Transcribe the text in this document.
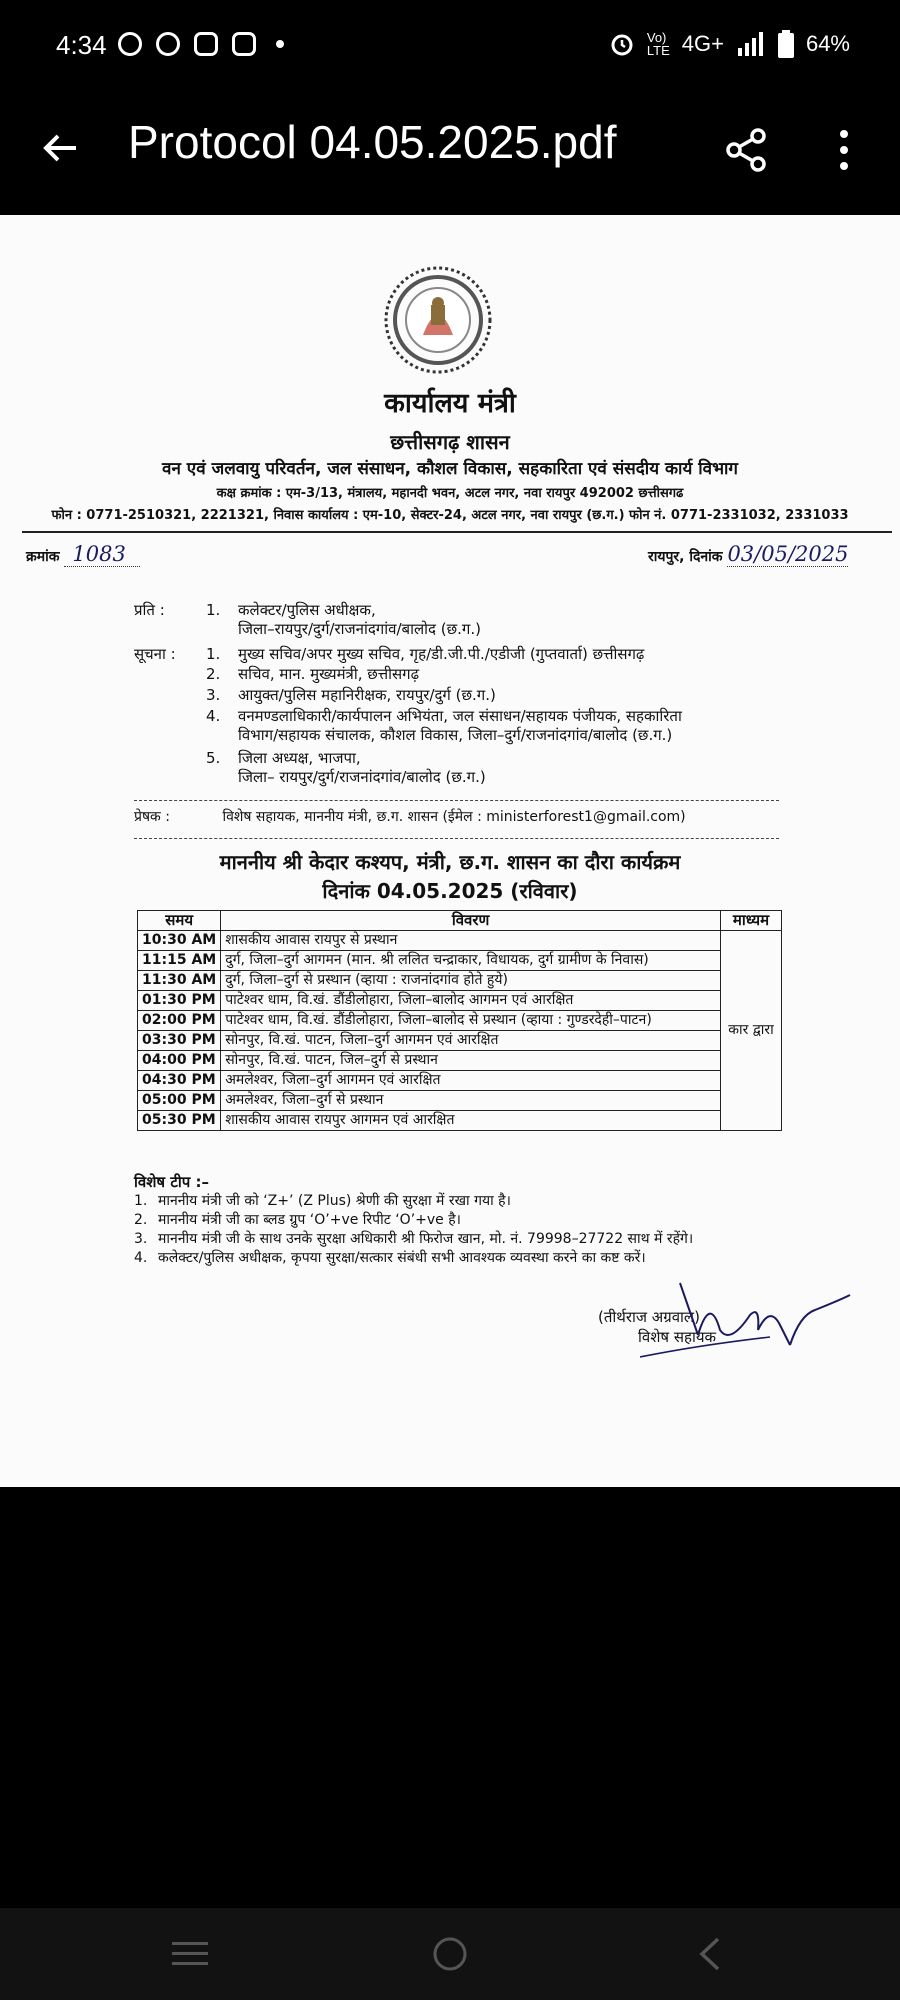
4:34	Vo)
LTE 4G+	64%
Protocol 04.05.2025.pdf
कार्यालय मंत्री
छत्तीसगढ़ शासन
वन एवं जलवायु परिवर्तन, जल संसाधन, कौशल विकास, सहकारिता एवं संसदीय कार्य विभाग
कक्ष क्रमांक : एम-3/13, मंत्रालय, महानदी भवन, अटल नगर, नवा रायपुर 492002 छत्तीसगढ
फोन : 0771-2510321, 2221321, निवास कार्यालय : एम-10, सेक्टर-24, अटल नगर, नवा रायपुर (छ.ग.) फोन नं. 0771-2331032, 2331033
क्रमांक 1083	रायपुर, दिनांक 03/05/2025
प्रति :	1. कलेक्टर/पुलिस अधीक्षक,
जिला–रायपुर/दुर्ग/राजनांदगांव/बालोद (छ.ग.)
सूचना : 1. मुख्य सचिव/अपर मुख्य सचिव, गृह/डी.जी.पी./एडीजी (गुप्तवार्ता) छत्तीसगढ़
2. सचिव, मान. मुख्यमंत्री, छत्तीसगढ़
3. आयुक्त/पुलिस महानिरीक्षक, रायपुर/दुर्ग (छ.ग.)
4. वनमण्डलाधिकारी/कार्यपालन अभियंता, जल संसाधन/सहायक पंजीयक, सहकारिता
विभाग/सहायक संचालक, कौशल विकास, जिला–दुर्ग/राजनांदगांव/बालोद (छ.ग.)
5. जिला अध्यक्ष, भाजपा,
जिला– रायपुर/दुर्ग/राजनांदगांव/बालोद (छ.ग.)
प्रेषक :	विशेष सहायक, माननीय मंत्री, छ.ग. शासन (ईमेल : ministerforest1@gmail.com)
माननीय श्री केदार कश्यप, मंत्री, छ.ग. शासन का दौरा कार्यक्रम
दिनांक 04.05.2025 (रविवार)
समय	विवरण	माध्यम
10:30 AM	शासकीय आवास रायपुर से प्रस्थान	कार द्वारा
11:15 AM	दुर्ग, जिला–दुर्ग आगमन (मान. श्री ललित चन्द्राकार, विधायक, दुर्ग ग्रामीण के निवास)	
11:30 AM	दुर्ग, जिला–दुर्ग से प्रस्थान (व्हाया : राजनांदगांव होते हुये)	
01:30 PM	पाटेश्वर धाम, वि.खं. डौंडीलोहारा, जिला–बालोद आगमन एवं आरक्षित	
02:00 PM	पाटेश्वर धाम, वि.खं. डौंडीलोहारा, जिला–बालोद से प्रस्थान (व्हाया : गुण्डरदेही–पाटन)	
03:30 PM	सोनपुर, वि.खं. पाटन, जिला–दुर्ग आगमन एवं आरक्षित	
04:00 PM	सोनपुर, वि.खं. पाटन, जिल–दुर्ग से प्रस्थान	
04:30 PM	अमलेश्वर, जिला–दुर्ग आगमन एवं आरक्षित	
05:00 PM	अमलेश्वर, जिला–दुर्ग से प्रस्थान	
05:30 PM	शासकीय आवास रायपुर आगमन एवं आरक्षित	
विशेष टीप :–
1. माननीय मंत्री जी को ‘Z+’ (Z Plus) श्रेणी की सुरक्षा में रखा गया है।
2. माननीय मंत्री जी का ब्लड ग्रुप ‘O’+ve रिपीट ‘O’+ve है।
3. माननीय मंत्री जी के साथ उनके सुरक्षा अधिकारी श्री फिरोज खान, मो. नं. 79998–27722 साथ में रहेंगे।
4. कलेक्टर/पुलिस अधीक्षक, कृपया सुरक्षा/सत्कार संबंधी सभी आवश्यक व्यवस्था करने का कष्ट करें।
(तीर्थराज अग्रवाल)
विशेष सहायक
